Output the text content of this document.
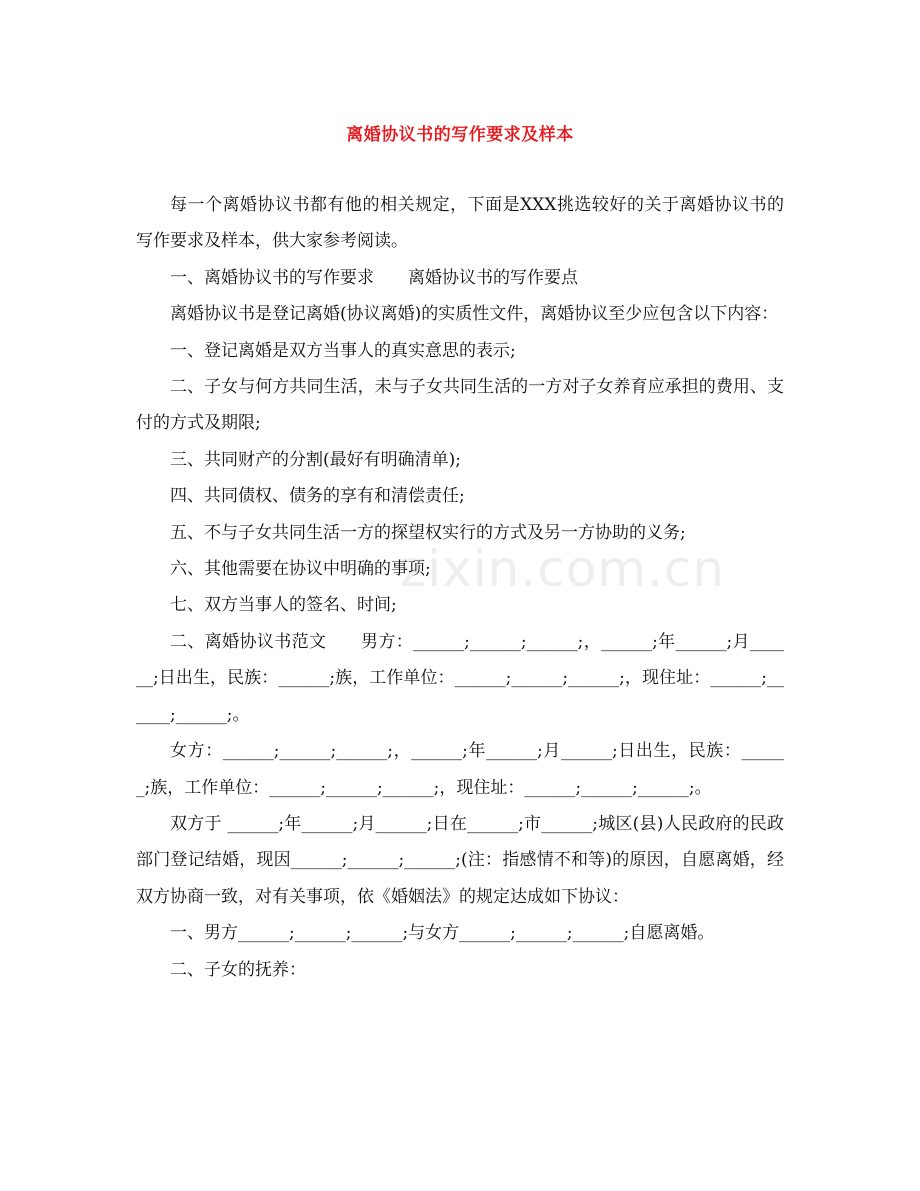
离婚协议书的写作要求及样本

每一个离婚协议书都有他的相关规定，下面是XXX挑选较好的关于离婚协议书的写作要求及样本，供大家参考阅读。

一、离婚协议书的写作要求　　离婚协议书的写作要点

离婚协议书是登记离婚(协议离婚)的实质性文件，离婚协议至少应包含以下内容：

一、登记离婚是双方当事人的真实意思的表示;

二、子女与何方共同生活，未与子女共同生活的一方对子女养育应承担的费用、支付的方式及期限;

三、共同财产的分割(最好有明确清单);

四、共同债权、债务的享有和清偿责任;

五、不与子女共同生活一方的探望权实行的方式及另一方协助的义务;

六、其他需要在协议中明确的事项;

七、双方当事人的签名、时间;

二、离婚协议书范文　　男方：______;______;______;，______;年______;月______;日出生，民族：______;族，工作单位：______;______;______;，现住址：______;______;______;。

女方：______;______;______;，______;年______;月______;日出生，民族：______;族，工作单位：______;______;______;，现住址：______;______;______;。

双方于 ______;年______;月______;日在______;市______;城区(县)人民政府的民政部门登记结婚，现因______;______;______;(注：指感情不和等)的原因，自愿离婚，经双方协商一致，对有关事项，依《婚姻法》的规定达成如下协议：

一、男方______;______;______;与女方______;______;______;自愿离婚。

二、子女的抚养：

zixin.com.cn
